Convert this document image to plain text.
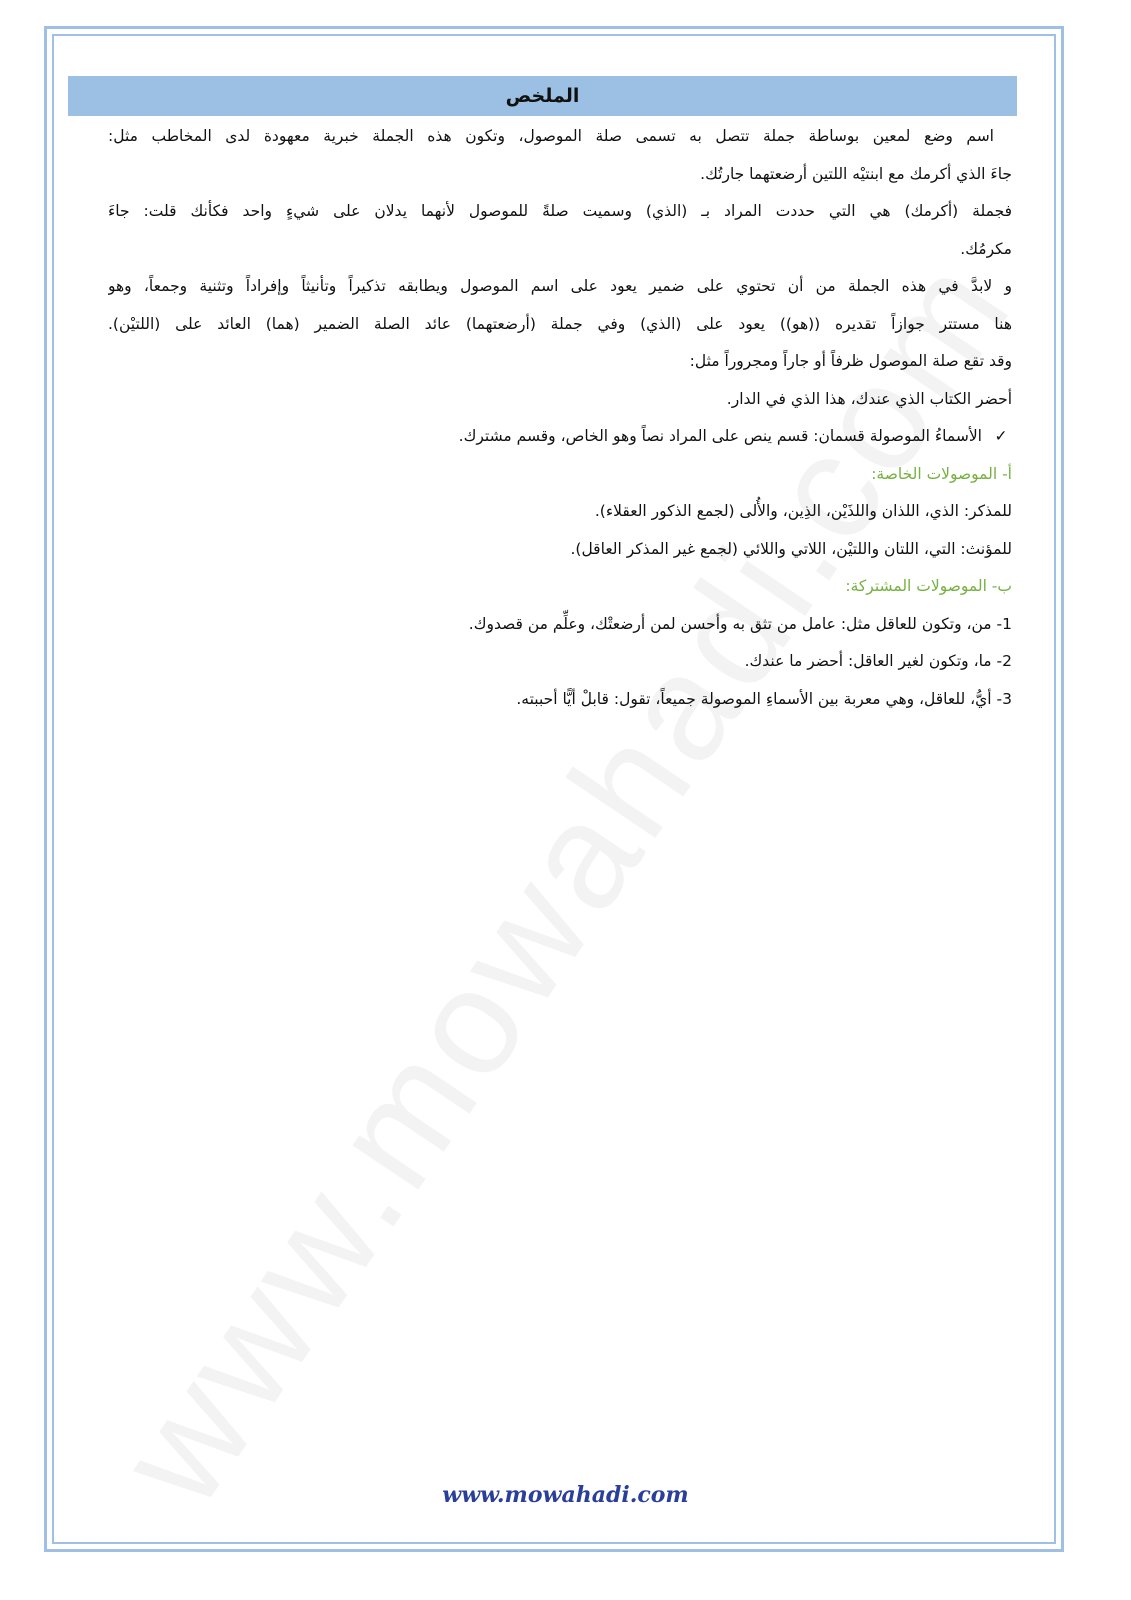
الملخص
اسم وضع لمعين بوساطة جملة تتصل به تسمى صلة الموصول، وتكون هذه الجملة خبرية معهودة لدى المخاطب مثل:
جاءَ الذي أكرمك مع ابنتيْه اللتين أرضعتهما جارتُك.
فجملة (أكرمك) هي التي حددت المراد بـ (الذي) وسميت صلةً للموصول لأنهما يدلان على شيءٍ واحد فكأنك قلت: جاءَ
مكرمُك.
و لابدَّ في هذه الجملة من أن تحتوي على ضمير يعود على اسم الموصول ويطابقه تذكيراً وتأنيثاً وإفراداً وتثنية وجمعاً، وهو
هنا مستتر جوازاً تقديره ((هو)) يعود على (الذي) وفي جملة (أرضعتهما) عائد الصلة الضمير (هما) العائد على (اللتيْن).
وقد تقع صلة الموصول ظرفاً أو جاراً ومجروراً مثل:
أحضر الكتاب الذي عندك، هذا الذي في الدار.
✓الأسماءُ الموصولة قسمان: قسم ينص على المراد نصاً وهو الخاص، وقسم مشترك.
أ- الموصولات الخاصة:
للمذكر: الذي، اللذان واللذَيْن، الذِين، والأُلى (لجمع الذكور العقلاء).
للمؤنث: التي، اللتان واللتيْن، اللاتي واللائي (لجمع غير المذكر العاقل).
ب- الموصولات المشتركة:
1- من، وتكون للعاقل مثل: عامل من تثق به وأحسن لمن أرضعتْك، وعلِّم من قصدوك.
2- ما، وتكون لغير العاقل: أحضر ما عندك.
3- أيُّ، للعاقل، وهي معربة بين الأسماءِ الموصولة جميعاً، تقول: قابلْ أيًّا أحببته.
www.mowahadi.com
